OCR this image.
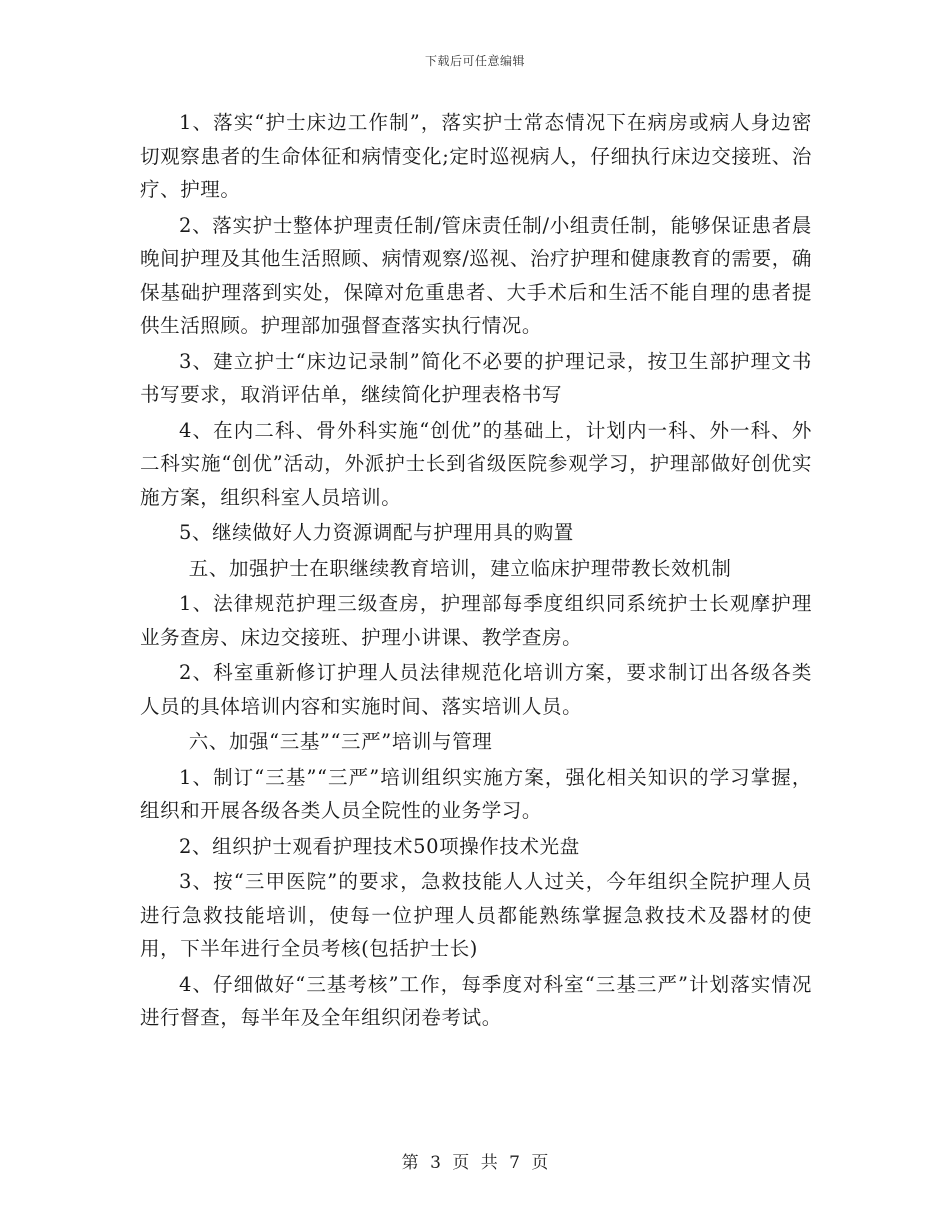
下载后可任意编辑

1、落实“护士床边工作制”，落实护士常态情况下在病房或病人身边密切观察患者的生命体征和病情变化;定时巡视病人，仔细执行床边交接班、治疗、护理。

2、落实护士整体护理责任制/管床责任制/小组责任制，能够保证患者晨晚间护理及其他生活照顾、病情观察/巡视、治疗护理和健康教育的需要，确保基础护理落到实处，保障对危重患者、大手术后和生活不能自理的患者提供生活照顾。护理部加强督查落实执行情况。

3、建立护士“床边记录制”简化不必要的护理记录，按卫生部护理文书书写要求，取消评估单，继续简化护理表格书写

4、在内二科、骨外科实施“创优”的基础上，计划内一科、外一科、外二科实施“创优”活动，外派护士长到省级医院参观学习，护理部做好创优实施方案，组织科室人员培训。

5、继续做好人力资源调配与护理用具的购置

五、加强护士在职继续教育培训，建立临床护理带教长效机制

1、法律规范护理三级查房，护理部每季度组织同系统护士长观摩护理业务查房、床边交接班、护理小讲课、教学查房。

2、科室重新修订护理人员法律规范化培训方案，要求制订出各级各类人员的具体培训内容和实施时间、落实培训人员。

六、加强“三基”“三严”培训与管理

1、制订“三基”“三严”培训组织实施方案，强化相关知识的学习掌握，组织和开展各级各类人员全院性的业务学习。

2、组织护士观看护理技术50项操作技术光盘

3、按“三甲医院”的要求，急救技能人人过关，今年组织全院护理人员进行急救技能培训，使每一位护理人员都能熟练掌握急救技术及器材的使用，下半年进行全员考核(包括护士长)

4、仔细做好“三基考核”工作，每季度对科室“三基三严”计划落实情况进行督查，每半年及全年组织闭卷考试。

第 3 页 共 7 页
